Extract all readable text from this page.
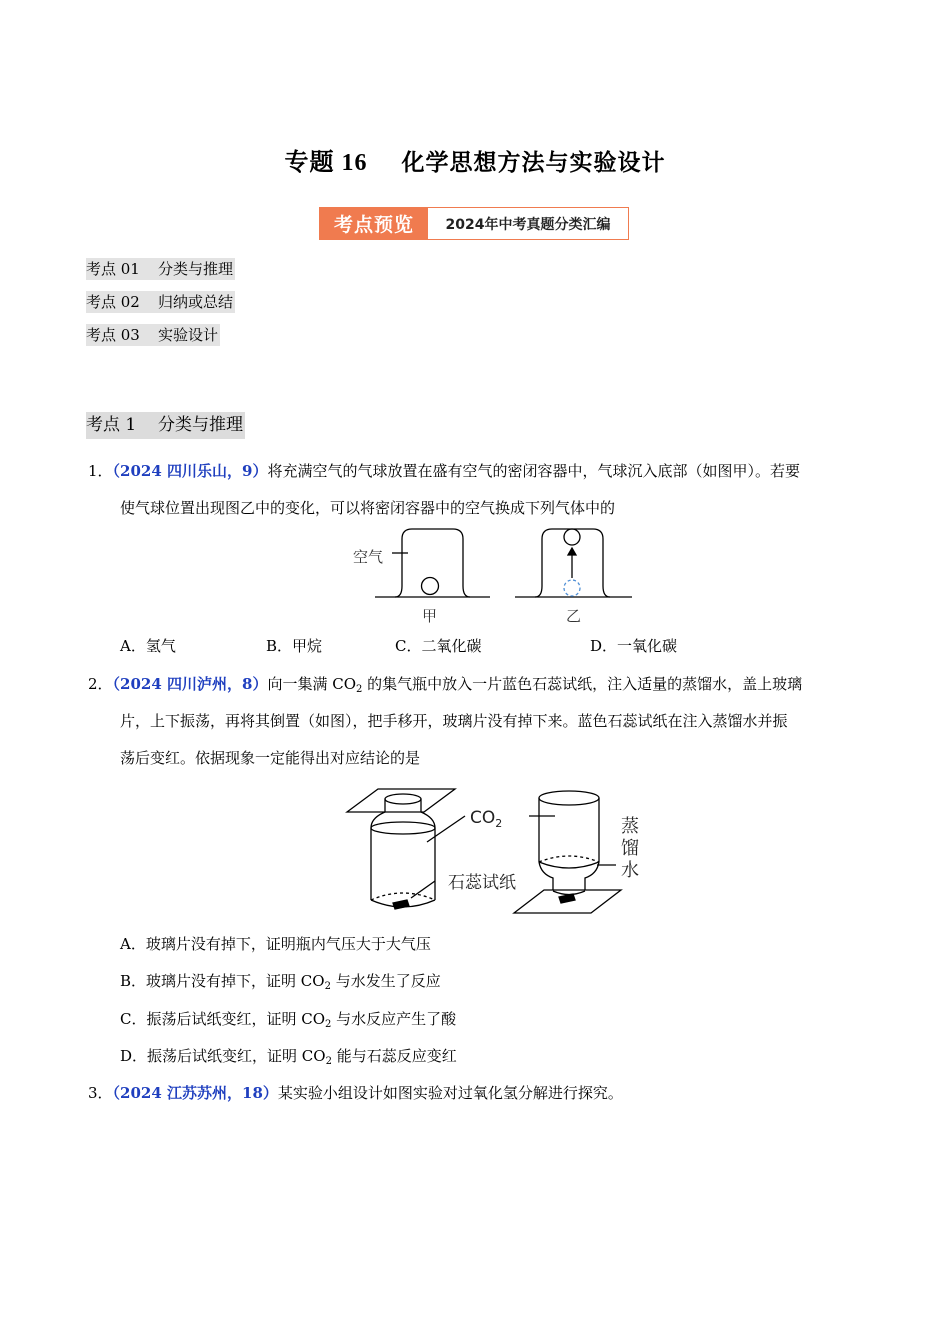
专题 16 化学思想方法与实验设计
考点预览	2024年中考真题分类汇编
考点 01 分类与推理
考点 02 归纳或总结
考点 03 实验设计
考点 1 分类与推理
1．（2024 四川乐山，9）将充满空气的气球放置在盛有空气的密闭容器中，气球沉入底部（如图甲）。若要
使气球位置出现图乙中的变化，可以将密闭容器中的空气换成下列气体中的
空气
甲	乙
A．氢气	B．甲烷	C．二氧化碳	D．一氧化碳
2．（2024 四川泸州，8）向一集满 $CO_2$ 的集气瓶中放入一片蓝色石蕊试纸，注入适量的蒸馏水，盖上玻璃
片，上下振荡，再将其倒置（如图），把手移开，玻璃片没有掉下来。蓝色石蕊试纸在注入蒸馏水并振
荡后变红。依据现象一定能得出对应结论的是
$CO_2$
石蕊试纸
蒸
馏
水
A．玻璃片没有掉下，证明瓶内气压大于大气压
B．玻璃片没有掉下，证明 $CO_2$ 与水发生了反应
C．振荡后试纸变红，证明 $CO_2$ 与水反应产生了酸
D．振荡后试纸变红，证明 $CO_2$ 能与石蕊反应变红
3．（2024 江苏苏州，18）某实验小组设计如图实验对过氧化氢分解进行探究。
